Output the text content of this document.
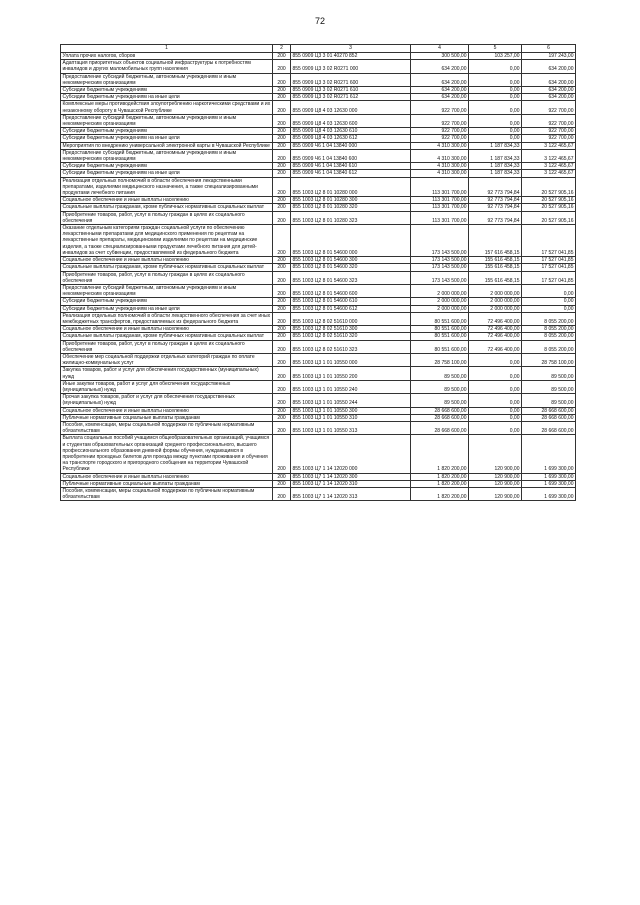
72
1	2	3	4	5	6
Уплата прочих налогов, сборов	200	855 0909 Ц3 3 01 40270 852	300 500,00	103 257,00	197 243,00
Адаптация приоритетных объектов социальной инфраструктуры к потребностям инвалидов и других маломобильных групп населения	200	855 0909 Ц3 3 02 R0271 000	634 200,00	0,00	634 200,00
Предоставление субсидий бюджетным, автономным учреждениям и иным некоммерческим организациям	200	855 0909 Ц3 3 02 R0271 600	634 200,00	0,00	634 200,00
Субсидии бюджетным учреждениям	200	855 0909 Ц3 3 02 R0271 610	634 200,00	0,00	634 200,00
Субсидии бюджетным учреждениям на иные цели	200	855 0909 Ц3 3 02 R0271 612	634 200,00	0,00	634 200,00
Комплексные меры противодействия злоупотреблению наркотическими средствами и их незаконному обороту в Чувашской Республике	200	855 0909 Ц8 4 03 12630 000	922 700,00	0,00	922 700,00
Предоставление субсидий бюджетным, автономным учреждениям и иным некоммерческим организациям	200	855 0909 Ц8 4 03 12630 600	922 700,00	0,00	922 700,00
Субсидии бюджетным учреждениям	200	855 0909 Ц8 4 03 12630 610	922 700,00	0,00	922 700,00
Субсидии бюджетным учреждениям на иные цели	200	855 0909 Ц8 4 03 12630 612	922 700,00	0,00	922 700,00
Мероприятия по внедрению универсальной электронной карты в Чувашской Республике	200	855 0909 Ч6 1 04 13840 000	4 310 300,00	1 187 834,33	3 122 465,67
Предоставление субсидий бюджетным, автономным учреждениям и иным некоммерческим организациям	200	855 0909 Ч6 1 04 13840 600	4 310 300,00	1 187 834,33	3 122 465,67
Субсидии бюджетным учреждениям	200	855 0909 Ч6 1 04 13840 610	4 310 300,00	1 187 834,33	3 122 465,67
Субсидии бюджетным учреждениям на иные цели	200	855 0909 Ч6 1 04 13840 612	4 310 300,00	1 187 834,33	3 122 465,67
Реализация отдельных полномочий в области обеспечения лекарственными препаратами, изделиями медицинского назначения, а также специализированными продуктами лечебного питания	200	855 1003 Ц2 8 01 10280 000	113 301 700,00	92 773 794,84	20 527 905,16
Социальное обеспечение и иные выплаты населению	200	855 1003 Ц2 8 01 10280 300	113 301 700,00	92 773 794,84	20 527 905,16
Социальные выплаты гражданам, кроме публичных нормативных социальных выплат	200	855 1003 Ц2 8 01 10280 320	113 301 700,00	92 773 794,84	20 527 905,16
Приобретение товаров, работ, услуг в пользу граждан в целях их социального обеспечения	200	855 1003 Ц2 8 01 10280 323	113 301 700,00	92 773 794,84	20 527 905,16
Оказание отдельным категориям граждан социальной услуги по обеспечению лекарственными препаратами для медицинского применения по рецептам на лекарственные препараты, медицинскими изделиями по рецептам на медицинские изделия, а также специализированными продуктами лечебного питания для детей-инвалидов за счет субвенции, предоставляемой из федерального бюджета	200	855 1003 Ц2 8 01 54600 000	173 143 500,00	157 616 458,15	17 527 041,85
Социальное обеспечение и иные выплаты населению	200	855 1003 Ц2 8 01 54600 300	173 143 500,00	155 616 458,15	17 527 041,85
Социальные выплаты гражданам, кроме публичных нормативных социальных выплат	200	855 1003 Ц2 8 01 54600 320	173 143 500,00	155 616 458,15	17 527 041,85
Приобретение товаров, работ, услуг в пользу граждан в целях их социального обеспечения	200	855 1003 Ц2 8 01 54600 323	173 143 500,00	155 616 458,15	17 527 041,85
Предоставление субсидий бюджетным, автономным учреждениям и иным некоммерческим организациям	200	855 1003 Ц2 8 01 54600 600	2 000 000,00	2 000 000,00	0,00
Субсидии бюджетным учреждениям	200	855 1003 Ц2 8 01 54600 610	2 000 000,00	2 000 000,00	0,00
Субсидии бюджетным учреждениям на иные цели	200	855 1003 Ц2 8 01 54600 612	2 000 000,00	2 000 000,00	0,00
Реализация отдельных полномочий в области лекарственного обеспечения за счет иных межбюджетных трансфертов, предоставляемых из федерального бюджета	200	855 1003 Ц2 8 02 51610 000	80 551 600,00	72 496 400,00	8 055 200,00
Социальное обеспечение и иные выплаты населению	200	855 1003 Ц2 8 02 51610 300	80 551 600,00	72 496 400,00	8 055 200,00
Социальные выплаты гражданам, кроме публичных нормативных социальных выплат	200	855 1003 Ц2 8 02 51610 320	80 551 600,00	72 496 400,00	8 055 200,00
Приобретение товаров, работ, услуг в пользу граждан в целях их социального обеспечения	200	855 1003 Ц2 8 02 51610 323	80 551 600,00	72 496 400,00	8 055 200,00
Обеспечение мер социальной поддержки отдельных категорий граждан по оплате жилищно-коммунальных услуг	200	855 1003 Ц3 1 01 10550 000	28 758 100,00	0,00	28 758 100,00
Закупка товаров, работ и услуг для обеспечения государственных (муниципальных) нужд	200	855 1003 Ц3 1 01 10550 200	89 500,00	0,00	89 500,00
Иные закупки товаров, работ и услуг для обеспечения государственных (муниципальных) нужд	200	855 1003 Ц3 1 01 10550 240	89 500,00	0,00	89 500,00
Прочая закупка товаров, работ и услуг для обеспечения государственных (муниципальных) нужд	200	855 1003 Ц3 1 01 10550 244	89 500,00	0,00	89 500,00
Социальное обеспечение и иные выплаты населению	200	855 1003 Ц3 1 01 10550 300	28 668 600,00	0,00	28 668 600,00
Публичные нормативные социальные выплаты гражданам	200	855 1003 Ц3 1 01 10550 310	28 668 600,00	0,00	28 668 600,00
Пособия, компенсации, меры социальной поддержки по публичным нормативным обязательствам	200	855 1003 Ц3 1 01 10550 313	28 668 600,00	0,00	28 668 600,00
Выплата социальных пособий учащимся общеобразовательных организаций, учащимся и студентам образовательных организаций среднего профессионального, высшего профессионального образования дневной формы обучения, нуждающимся в приобретении проездных билетов для проезда между пунктами проживания и обучения на транспорте городского и пригородного сообщения на территории Чувашской Республики	200	855 1003 Ц7 1 14 12020 000	1 820 200,00	120 900,00	1 699 300,00
Социальное обеспечение и иные выплаты населению	200	855 1003 Ц7 1 14 12020 300	1 820 200,00	120 900,00	1 699 300,00
Публичные нормативные социальные выплаты гражданам	200	855 1003 Ц7 1 14 12020 310	1 820 200,00	120 900,00	1 699 300,00
Пособия, компенсации, меры социальной поддержки по публичным нормативным обязательствам	200	855 1003 Ц7 1 14 12020 313	1 820 200,00	120 900,00	1 699 300,00
